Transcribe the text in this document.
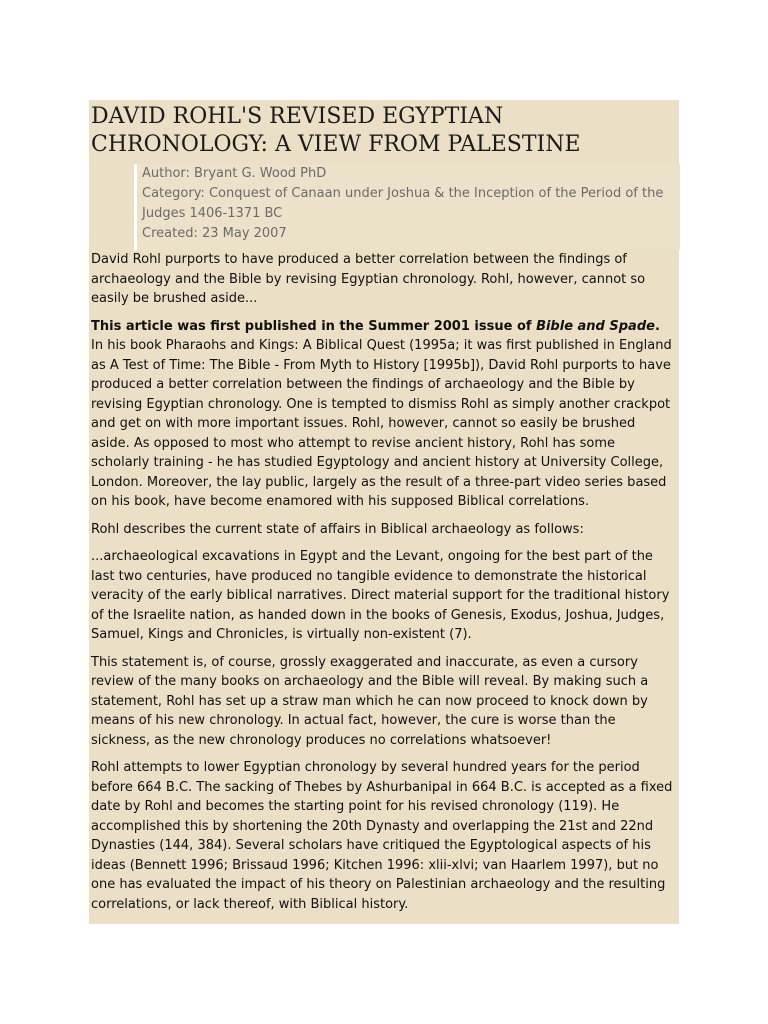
DAVID ROHL'S REVISED EGYPTIAN CHRONOLOGY: A VIEW FROM PALESTINE

Author: Bryant G. Wood PhD

Category: Conquest of Canaan under Joshua & the Inception of the Period of the Judges 1406-1371 BC

Created: 23 May 2007

David Rohl purports to have produced a better correlation between the findings of archaeology and the Bible by revising Egyptian chronology. Rohl, however, cannot so easily be brushed aside...

This article was first published in the Summer 2001 issue of Bible and Spade.

In his book Pharaohs and Kings: A Biblical Quest (1995a; it was first published in England as A Test of Time: The Bible - From Myth to History [1995b]), David Rohl purports to have produced a better correlation between the findings of archaeology and the Bible by revising Egyptian chronology. One is tempted to dismiss Rohl as simply another crackpot and get on with more important issues. Rohl, however, cannot so easily be brushed aside. As opposed to most who attempt to revise ancient history, Rohl has some scholarly training - he has studied Egyptology and ancient history at University College, London. Moreover, the lay public, largely as the result of a three-part video series based on his book, have become enamored with his supposed Biblical correlations.

Rohl describes the current state of affairs in Biblical archaeology as follows:

...archaeological excavations in Egypt and the Levant, ongoing for the best part of the last two centuries, have produced no tangible evidence to demonstrate the historical veracity of the early biblical narratives. Direct material support for the traditional history of the Israelite nation, as handed down in the books of Genesis, Exodus, Joshua, Judges, Samuel, Kings and Chronicles, is virtually non-existent (7).

This statement is, of course, grossly exaggerated and inaccurate, as even a cursory review of the many books on archaeology and the Bible will reveal. By making such a statement, Rohl has set up a straw man which he can now proceed to knock down by means of his new chronology. In actual fact, however, the cure is worse than the sickness, as the new chronology produces no correlations whatsoever!

Rohl attempts to lower Egyptian chronology by several hundred years for the period before 664 B.C. The sacking of Thebes by Ashurbanipal in 664 B.C. is accepted as a fixed date by Rohl and becomes the starting point for his revised chronology (119). He accomplished this by shortening the 20th Dynasty and overlapping the 21st and 22nd Dynasties (144, 384). Several scholars have critiqued the Egyptological aspects of his ideas (Bennett 1996; Brissaud 1996; Kitchen 1996: xlii-xlvi; van Haarlem 1997), but no one has evaluated the impact of his theory on Palestinian archaeology and the resulting correlations, or lack thereof, with Biblical history.
